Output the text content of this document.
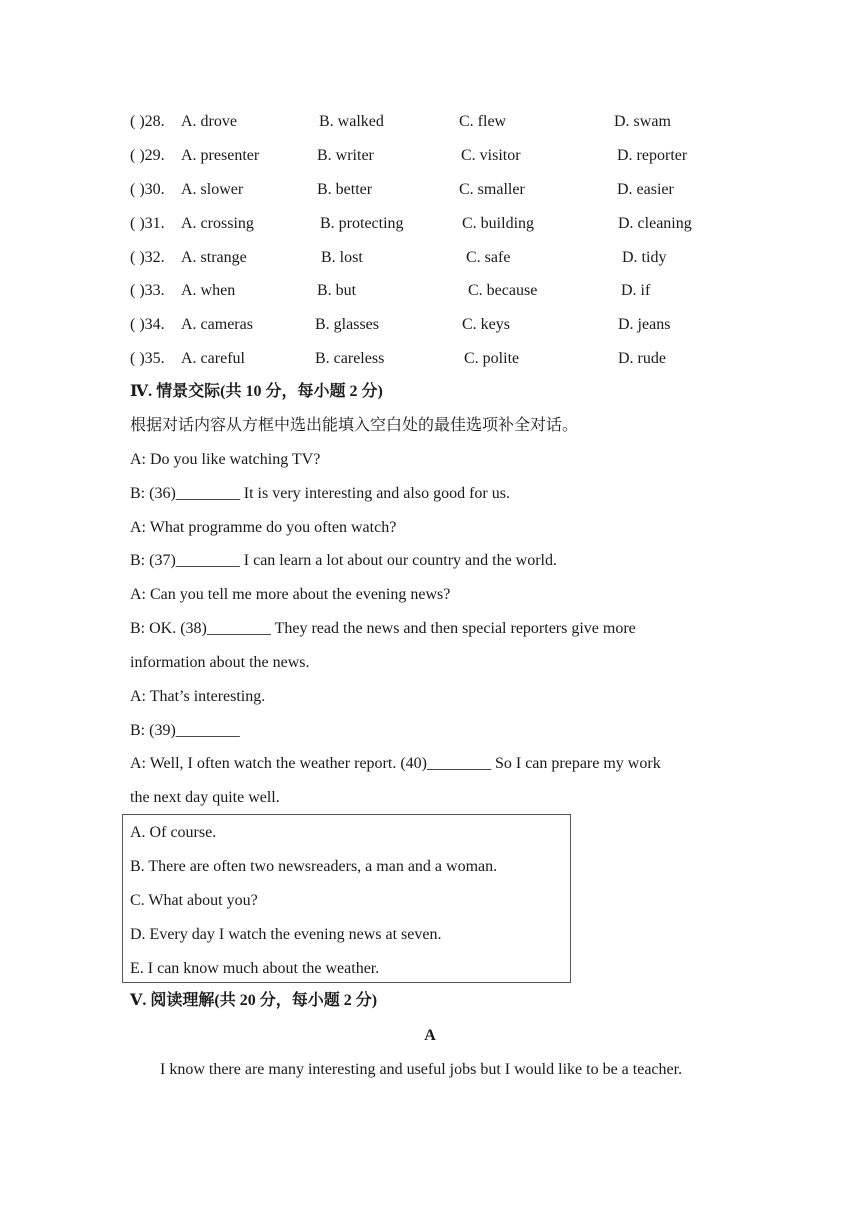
( )28. A. drove	B. walked	C. flew	D. swam
( )29. A. presenter	B. writer	C. visitor	D. reporter
( )30. A. slower	B. better	C. smaller	D. easier
( )31. A. crossing	B. protecting	C. building	D. cleaning
( )32. A. strange	B. lost	C. safe	D. tidy
( )33. A. when	B. but	C. because	D. if
( )34. A. cameras	B. glasses	C. keys	D. jeans
( )35. A. careful	B. careless	C. polite	D. rude
Ⅳ. 情景交际(共 10 分，每小题 2 分)
根据对话内容从方框中选出能填入空白处的最佳选项补全对话。
A: Do you like watching TV?
B: (36)________ It is very interesting and also good for us.
A: What programme do you often watch?
B: (37)________ I can learn a lot about our country and the world.
A: Can you tell me more about the evening news?
B: OK. (38)________ They read the news and then special reporters give more
information about the news.
A: That’s interesting.
B: (39)________
A: Well, I often watch the weather report. (40)________ So I can prepare my work
the next day quite well.
A. Of course.
B. There are often two newsreaders, a man and a woman.
C. What about you?
D. Every day I watch the evening news at seven.
E. I can know much about the weather.
Ⅴ. 阅读理解(共 20 分，每小题 2 分)
A
I know there are many interesting and useful jobs but I would like to be a teacher.
